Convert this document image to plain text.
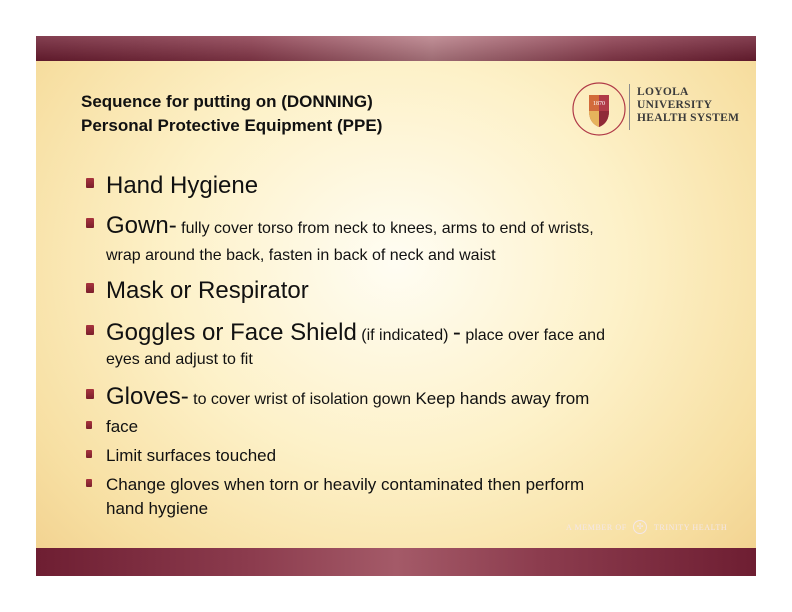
Sequence for putting on (DONNING)
Personal Protective Equipment (PPE)
1870
LOYOLA
UNIVERSITY
HEALTH SYSTEM
Hand Hygiene
Gown- fully cover torso from neck to knees, arms to end of wrists,
wrap around the back, fasten in back of neck and waist
Mask or Respirator
Goggles or Face Shield (if indicated) - place over face and
eyes and adjust to fit
Gloves- to cover wrist of isolation gown Keep hands away from
face
Limit surfaces touched
Change gloves when torn or heavily contaminated then perform
hand hygiene
A MEMBER OF ✣ TRINITY HEALTH
